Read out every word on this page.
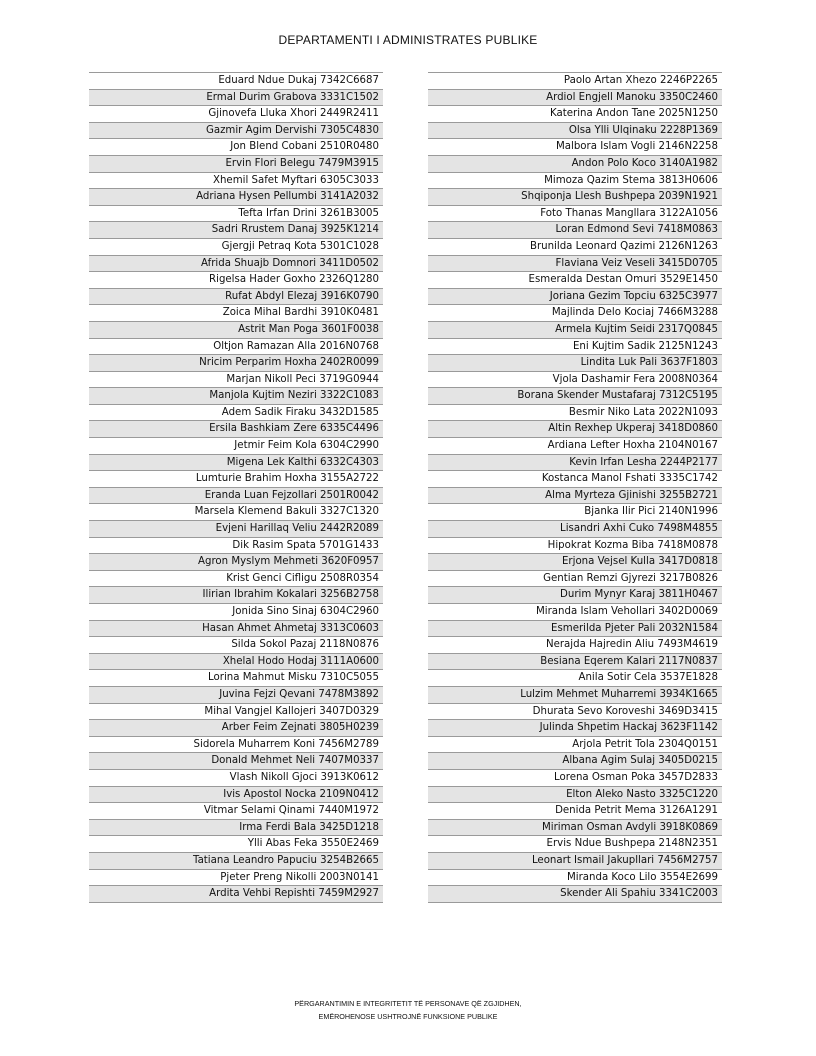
DEPARTAMENTI I ADMINISTRATES PUBLIKE
Eduard Ndue Dukaj 7342C6687
Ermal Durim Grabova 3331C1502
Gjinovefa Lluka Xhori 2449R2411
Gazmir Agim Dervishi 7305C4830
Jon Blend Cobani 2510R0480
Ervin Flori Belegu 7479M3915
Xhemil Safet Myftari 6305C3033
Adriana Hysen Pellumbi 3141A2032
Tefta Irfan Drini 3261B3005
Sadri Rrustem Danaj 3925K1214
Gjergji Petraq Kota 5301C1028
Afrida Shuajb Domnori 3411D0502
Rigelsa Hader Goxho 2326Q1280
Rufat Abdyl Elezaj 3916K0790
Zoica Mihal Bardhi 3910K0481
Astrit Man Poga 3601F0038
Oltjon Ramazan Alla 2016N0768
Nricim Perparim Hoxha 2402R0099
Marjan Nikoll Peci 3719G0944
Manjola Kujtim Neziri 3322C1083
Adem Sadik Firaku 3432D1585
Ersila Bashkiam Zere 6335C4496
Jetmir Feim Kola 6304C2990
Migena Lek Kalthi 6332C4303
Lumturie Brahim Hoxha 3155A2722
Eranda Luan Fejzollari 2501R0042
Marsela Klemend Bakuli 3327C1320
Evjeni Harillaq Veliu 2442R2089
Dik Rasim Spata 5701G1433
Agron Myslym Mehmeti 3620F0957
Krist Genci Cifligu 2508R0354
Ilirian Ibrahim Kokalari 3256B2758
Jonida Sino Sinaj 6304C2960
Hasan Ahmet Ahmetaj 3313C0603
Silda Sokol Pazaj 2118N0876
Xhelal Hodo Hodaj 3111A0600
Lorina Mahmut Misku 7310C5055
Juvina Fejzi Qevani 7478M3892
Mihal Vangjel Kallojeri 3407D0329
Arber Feim Zejnati 3805H0239
Sidorela Muharrem Koni 7456M2789
Donald Mehmet Neli 7407M0337
Vlash Nikoll Gjoci 3913K0612
Ivis Apostol Nocka 2109N0412
Vitmar Selami Qinami 7440M1972
Irma Ferdi Bala 3425D1218
Ylli Abas Feka 3550E2469
Tatiana Leandro Papuciu 3254B2665
Pjeter Preng Nikolli 2003N0141
Ardita Vehbi Repishti 7459M2927
Paolo Artan Xhezo 2246P2265
Ardiol Engjell Manoku 3350C2460
Katerina Andon Tane 2025N1250
Olsa Ylli Ulqinaku 2228P1369
Malbora Islam Vogli 2146N2258
Andon Polo Koco 3140A1982
Mimoza Qazim Stema 3813H0606
Shqiponja Llesh Bushpepa 2039N1921
Foto Thanas Mangllara 3122A1056
Loran Edmond Sevi 7418M0863
Brunilda Leonard Qazimi 2126N1263
Flaviana Veiz Veseli 3415D0705
Esmeralda Destan Omuri 3529E1450
Joriana Gezim Topciu 6325C3977
Majlinda Delo Kociaj 7466M3288
Armela Kujtim Seidi 2317Q0845
Eni Kujtim Sadik 2125N1243
Lindita Luk Pali 3637F1803
Vjola Dashamir Fera 2008N0364
Borana Skender Mustafaraj 7312C5195
Besmir Niko Lata 2022N1093
Altin Rexhep Ukperaj 3418D0860
Ardiana Lefter Hoxha 2104N0167
Kevin Irfan Lesha 2244P2177
Kostanca Manol Fshati 3335C1742
Alma Myrteza Gjinishi 3255B2721
Bjanka Ilir Pici 2140N1996
Lisandri Axhi Cuko 7498M4855
Hipokrat Kozma Biba 7418M0878
Erjona Vejsel Kulla 3417D0818
Gentian Remzi Gjyrezi 3217B0826
Durim Mynyr Karaj 3811H0467
Miranda Islam Vehollari 3402D0069
Esmerilda Pjeter Pali 2032N1584
Nerajda Hajredin Aliu 7493M4619
Besiana Eqerem Kalari 2117N0837
Anila Sotir Cela 3537E1828
Lulzim Mehmet Muharremi 3934K1665
Dhurata Sevo Koroveshi 3469D3415
Julinda Shpetim Hackaj 3623F1142
Arjola Petrit Tola 2304Q0151
Albana Agim Sulaj 3405D0215
Lorena Osman Poka 3457D2833
Elton Aleko Nasto 3325C1220
Denida Petrit Mema 3126A1291
Miriman Osman Avdyli 3918K0869
Ervis Ndue Bushpepa 2148N2351
Leonart Ismail Jakupllari 7456M2757
Miranda Koco Lilo 3554E2699
Skender Ali Spahiu 3341C2003
PËRGARANTIMIN E INTEGRITETIT TË PERSONAVE QË ZGJIDHEN,
EMËROHENOSE USHTROJNË FUNKSIONE PUBLIKE
